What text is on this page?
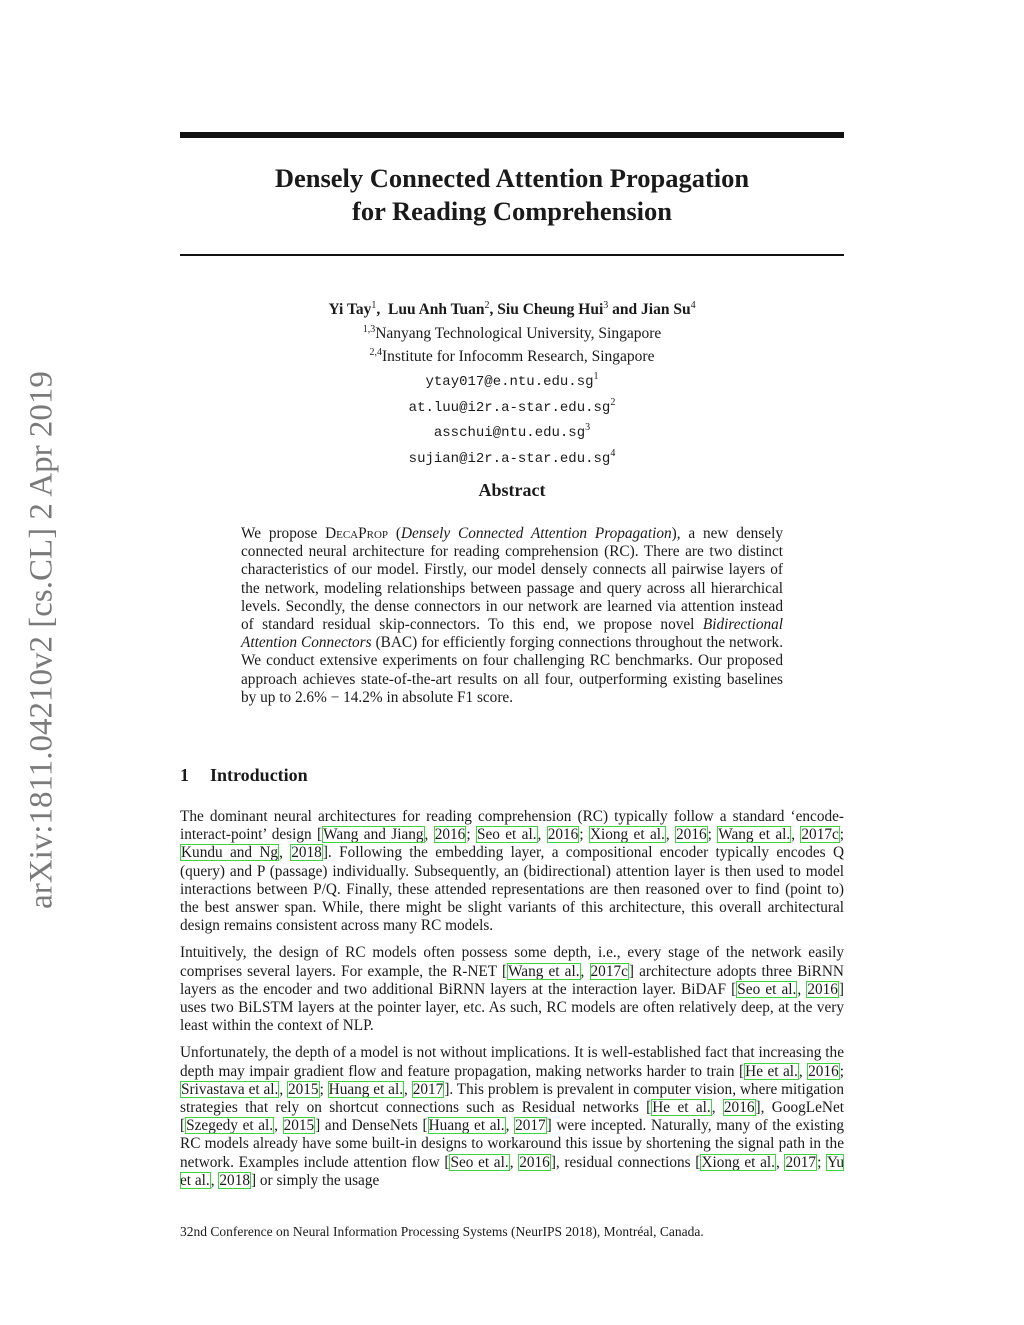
arXiv:1811.04210v2 [cs.CL] 2 Apr 2019
Densely Connected Attention Propagation
for Reading Comprehension
Yi Tay$^1$,  Luu Anh Tuan$^2$, Siu Cheung Hui$^3$ and Jian Su$^4$
$^{1,3}$Nanyang Technological University, Singapore
$^{2,4}$Institute for Infocomm Research, Singapore
$ytay017@e.ntu.edu.sg^1$
$at.luu@i2r.a-star.edu.sg^2$
$asschui@ntu.edu.sg^3$
$sujian@i2r.a-star.edu.sg^4$
Abstract
We propose DecaProp (Densely Connected Attention Propagation), a new densely connected neural architecture for reading comprehension (RC). There are two distinct characteristics of our model. Firstly, our model densely connects all pairwise layers of the network, modeling relationships between passage and query across all hierarchical levels. Secondly, the dense connectors in our network are learned via attention instead of standard residual skip-connectors. To this end, we propose novel Bidirectional Attention Connectors (BAC) for efficiently forging connections throughout the network. We conduct extensive experiments on four challenging RC benchmarks. Our proposed approach achieves state-of-the-art results on all four, outperforming existing baselines by up to 2.6% − 14.2% in absolute F1 score.
1 Introduction

The dominant neural architectures for reading comprehension (RC) typically follow a standard ‘encode-interact-point’ design [Wang and Jiang, 2016; Seo et al., 2016; Xiong et al., 2016; Wang et al., 2017c; Kundu and Ng, 2018]. Following the embedding layer, a compositional encoder typically encodes Q (query) and P (passage) individually. Subsequently, an (bidirectional) attention layer is then used to model interactions between P/Q. Finally, these attended representations are then reasoned over to find (point to) the best answer span. While, there might be slight variants of this architecture, this overall architectural design remains consistent across many RC models.

Intuitively, the design of RC models often possess some depth, i.e., every stage of the network easily comprises several layers. For example, the R-NET [Wang et al., 2017c] architecture adopts three BiRNN layers as the encoder and two additional BiRNN layers at the interaction layer. BiDAF [Seo et al., 2016] uses two BiLSTM layers at the pointer layer, etc. As such, RC models are often relatively deep, at the very least within the context of NLP.

Unfortunately, the depth of a model is not without implications. It is well-established fact that increasing the depth may impair gradient flow and feature propagation, making networks harder to train [He et al., 2016; Srivastava et al., 2015; Huang et al., 2017]. This problem is prevalent in computer vision, where mitigation strategies that rely on shortcut connections such as Residual networks [He et al., 2016], GoogLeNet [Szegedy et al., 2015] and DenseNets [Huang et al., 2017] were incepted. Naturally, many of the existing RC models already have some built-in designs to workaround this issue by shortening the signal path in the network. Examples include attention flow [Seo et al., 2016], residual connections [Xiong et al., 2017; Yu et al., 2018] or simply the usage

32nd Conference on Neural Information Processing Systems (NeurIPS 2018), Montréal, Canada.
